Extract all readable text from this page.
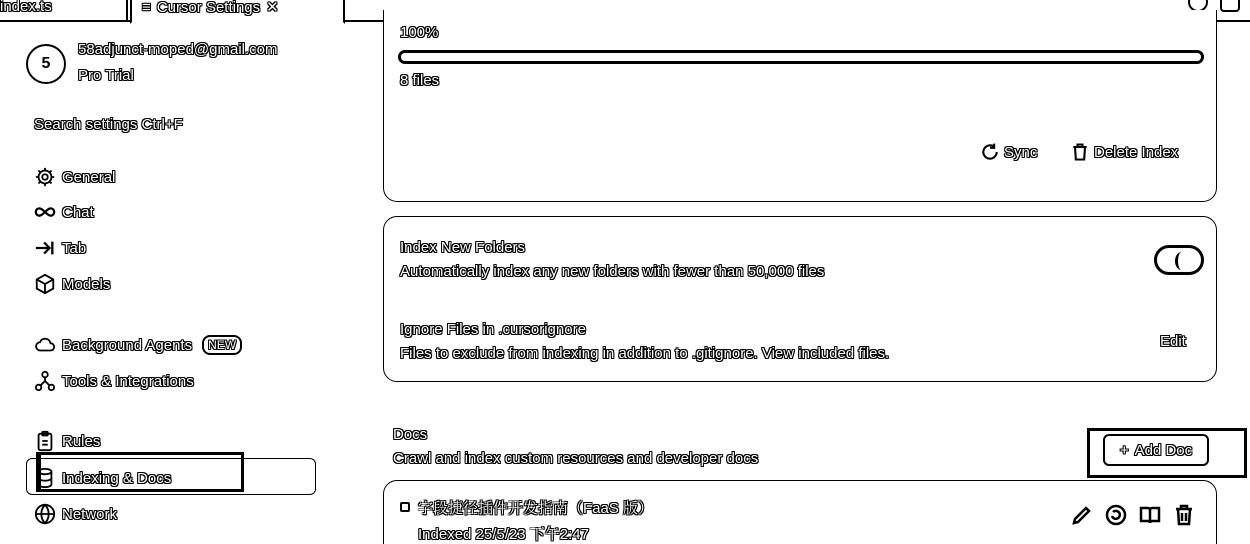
index.ts	≡ Cursor Settings ✕
5
58adjunct-moped@gmail.com
Pro Trial
Search settings Ctrl+F
General
Chat
Tab
Models
Background Agents	NEW
Tools & Integrations
Rules
Indexing & Docs
Network
100%
8 files
Sync	Delete Index
Index New Folders
Automatically index any new folders with fewer than 50,000 files
Ignore Files in .cursorignore
Files to exclude from indexing in addition to .gitignore. View included files.
Edit
Docs
Crawl and index custom resources and developer docs	+ Add Doc
字段捷径插件开发指南（FaaS 版）
Indexed 25/5/23 下午2:47
